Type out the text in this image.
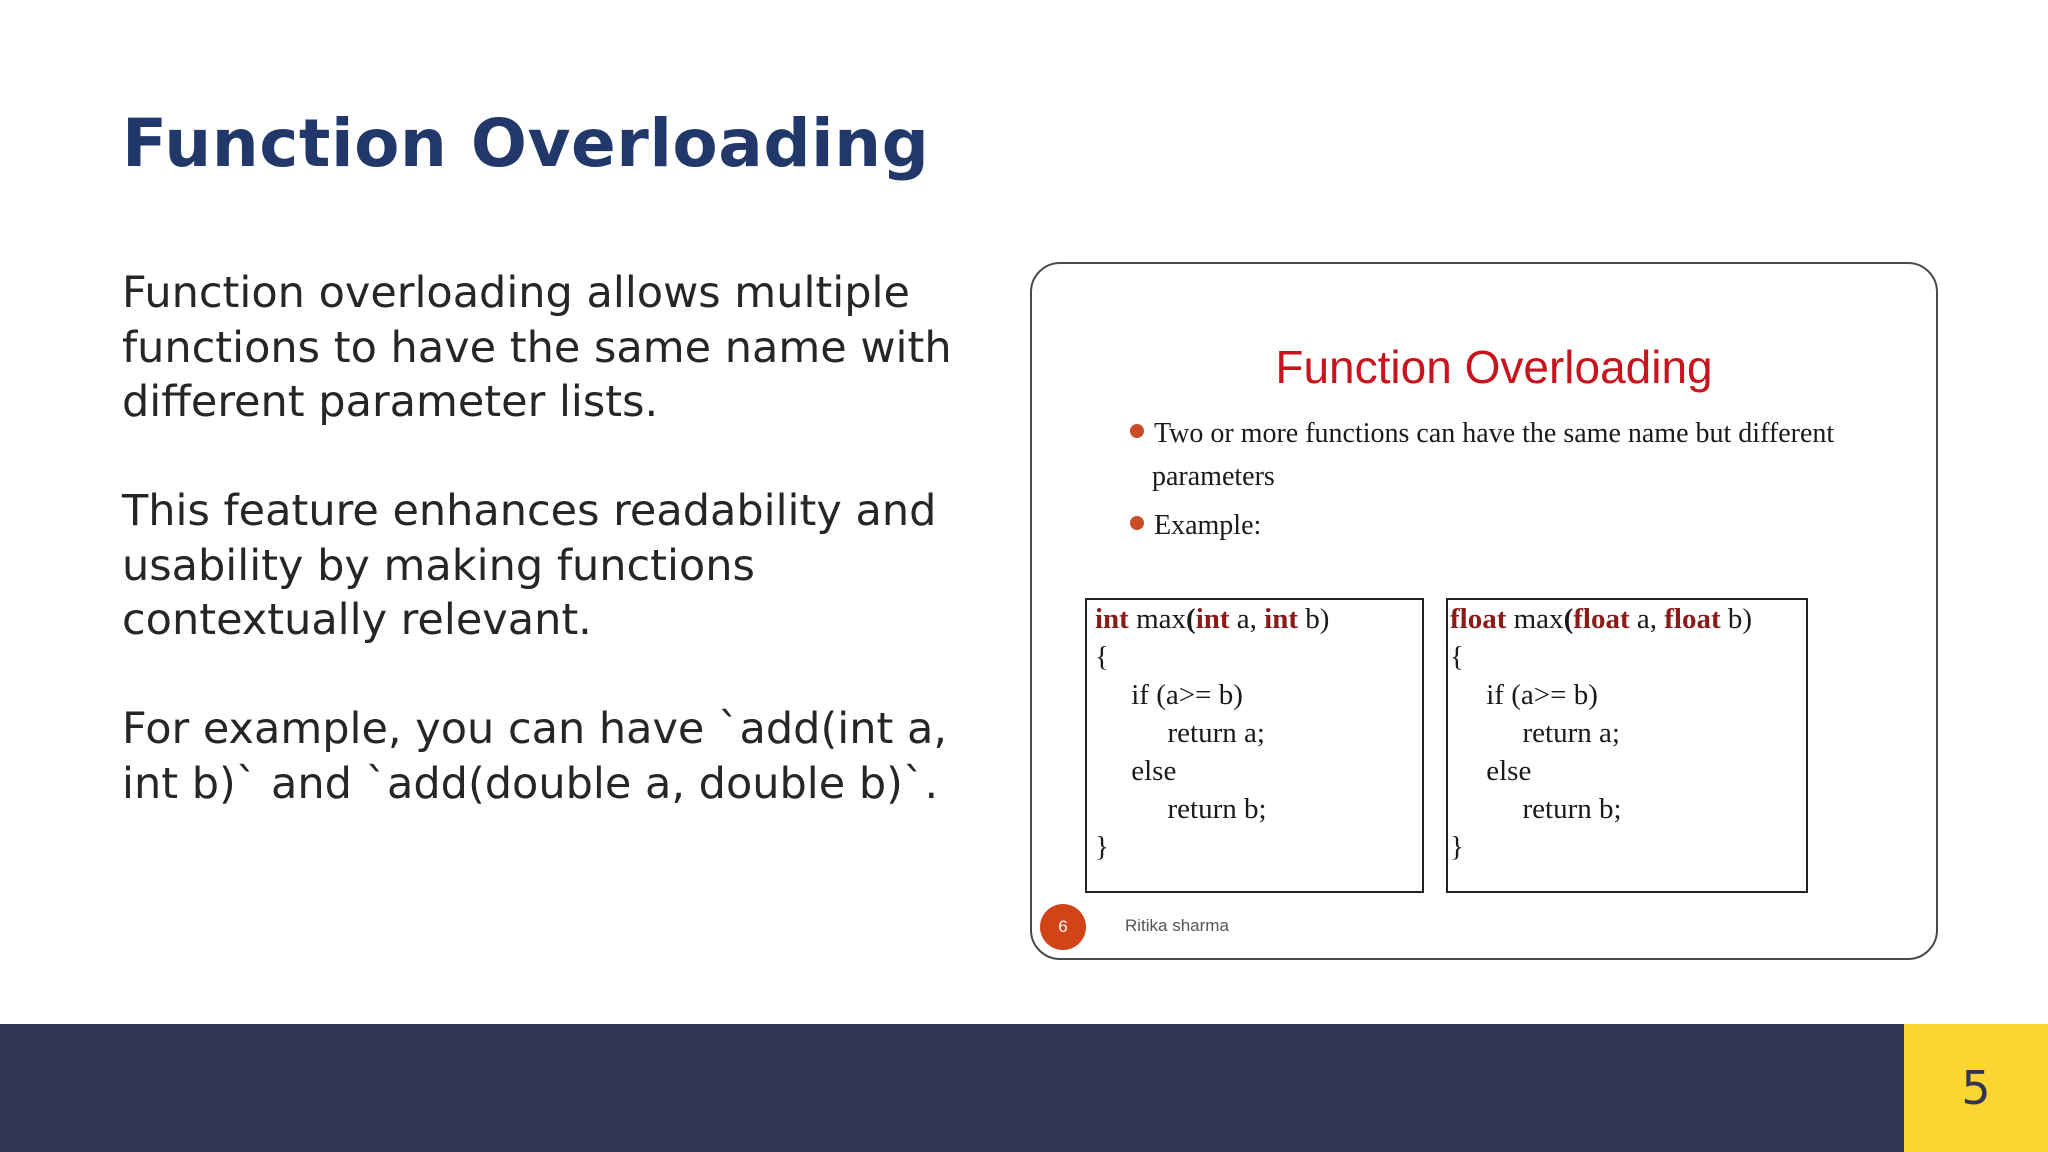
Function Overloading

Function overloading allows multiple functions to have the same name with different parameter lists.

This feature enhances readability and usability by making functions contextually relevant.

For example, you can have `add(int a, int b)` and `add(double a, double b)`.

Function Overloading
Two or more functions can have the same name but different
parameters
Example:
int max(int a, int b)
{
if (a>= b)
return a;
else
return b;
}
float max(float a, float b)
{
if (a>= b)
return a;
else
return b;
}
6	Ritika sharma
5
